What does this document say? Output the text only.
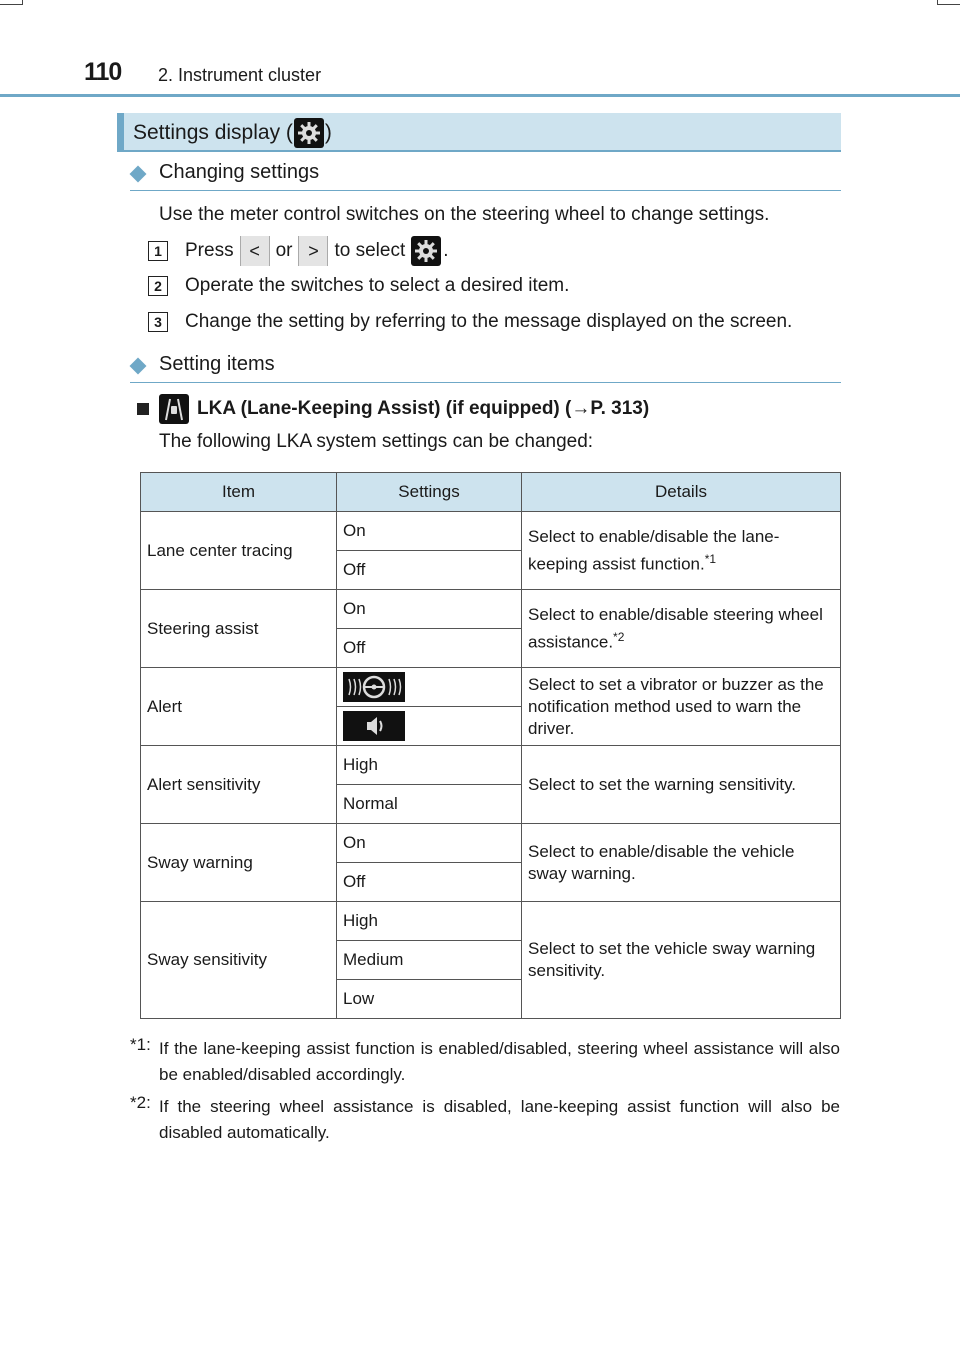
110 2. Instrument cluster
Settings display ( )
Changing settings
Use the meter control switches on the steering wheel to change settings.
1	Press < or > to select .
2	Operate the switches to select a desired item.
3	Change the setting by referring to the message displayed on the screen.
Setting items
LKA (Lane-Keeping Assist) (if equipped) (→P. 313)
The following LKA system settings can be changed:
Item	Settings	Details
Lane center tracing	On	Select to enable/disable the lane-keeping assist function.$^{*1}$
	Off	
Steering assist	On	Select to enable/disable steering wheel assistance.$^{*2}$
	Off	
Alert		Select to set a vibrator or buzzer as the notification method used to warn the driver.

Alert sensitivity	High	Select to set the warning sensitivity.
	Normal	
Sway warning	On	Select to enable/disable the vehicle sway warning.
	Off	
Sway sensitivity	High	Select to set the vehicle sway warning sensitivity.
	Medium	
	Low	
*1: If the lane-keeping assist function is enabled/disabled, steering wheel assistance will also be enabled/disabled accordingly.
*2: If the steering wheel assistance is disabled, lane-keeping assist function will also be disabled automatically.
